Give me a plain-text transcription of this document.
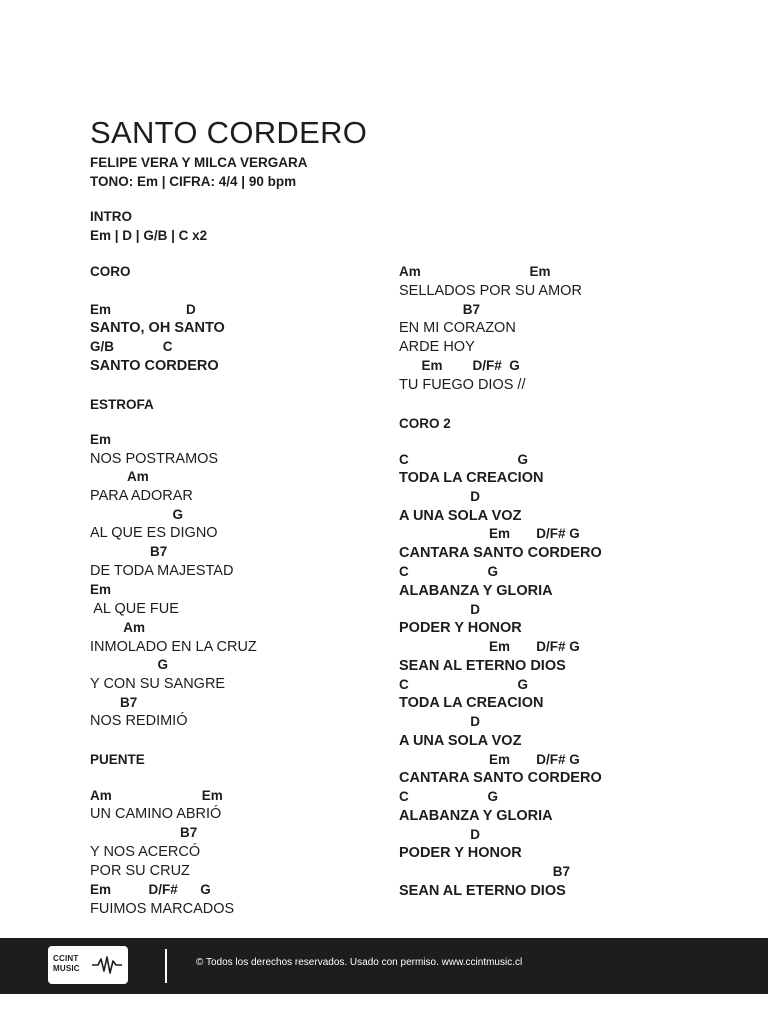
SANTO CORDERO
FELIPE VERA Y MILCA VERGARA
TONO: Em | CIFRA: 4/4 | 90 bpm
INTRO
Em | D | G/B | C x2
CORO
Em                    D
SANTO, OH SANTO
G/B             C
SANTO CORDERO
ESTROFA
Em
NOS POSTRAMOS
Am
PARA ADORAR
G
AL QUE ES DIGNO
B7
DE TODA MAJESTAD
Em
AL QUE FUE
Am
INMOLADO EN LA CRUZ
G
Y CON SU SANGRE
B7
NOS REDIMIÓ
PUENTE
Am                        Em
UN CAMINO ABRIÓ
B7
Y NOS ACERCÓ
POR SU CRUZ
Em          D/F#      G
FUIMOS MARCADOS
Am                             Em
SELLADOS POR SU AMOR
B7
EN MI CORAZON
ARDE HOY
Em        D/F#  G
TU FUEGO DIOS //
CORO 2
C                             G
TODA LA CREACION
D
A UNA SOLA VOZ
Em       D/F# G
CANTARA SANTO CORDERO
C                     G
ALABANZA Y GLORIA
D
PODER Y HONOR
Em       D/F# G
SEAN AL ETERNO DIOS
C                             G
TODA LA CREACION
D
A UNA SOLA VOZ
Em       D/F# G
CANTARA SANTO CORDERO
C                     G
ALABANZA Y GLORIA
D
PODER Y HONOR
B7
SEAN AL ETERNO DIOS
CCINT
MUSIC
© Todos los derechos reservados. Usado con permiso. www.ccintmusic.cl
